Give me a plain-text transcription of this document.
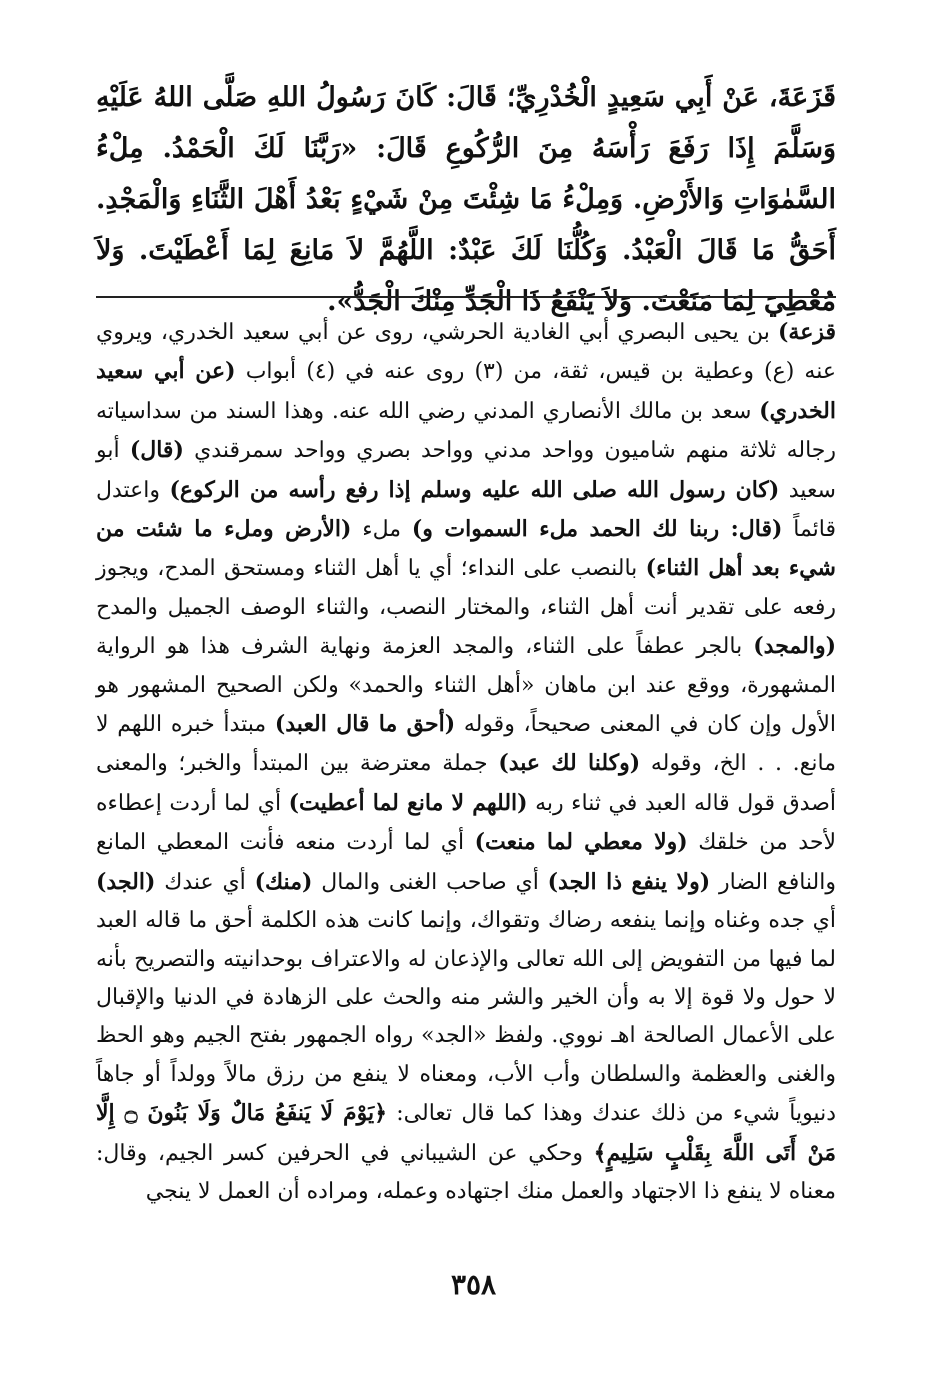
قَزَعَةَ، عَنْ أَبِي سَعِيدٍ الْخُدْرِيِّ؛ قَالَ: كَانَ رَسُولُ اللهِ صَلَّى اللهُ عَلَيْهِ وَسَلَّمَ إِذَا رَفَعَ رَأْسَهُ مِنَ الرُّكُوعِ قَالَ: «رَبَّنَا لَكَ الْحَمْدُ. مِلْءُ السَّمٰوَاتِ وَالأَرْضِ. وَمِلْءُ مَا شِئْتَ مِنْ شَيْءٍ بَعْدُ أَهْلَ الثَّنَاءِ وَالْمَجْدِ. أَحَقُّ مَا قَالَ الْعَبْدُ. وَكُلُّنَا لَكَ عَبْدٌ: اللَّهُمَّ لاَ مَانِعَ لِمَا أَعْطَيْتَ. وَلاَ مُعْطِيَ لِمَا مَنَعْتَ. وَلاَ يَنْفَعُ ذَا الْجَدِّ مِنْكَ الْجَدُّ».

قزعة) بن يحيى البصري أبي الغادية الحرشي، روى عن أبي سعيد الخدري، ويروي عنه (ع) وعطية بن قيس، ثقة، من (٣) روى عنه في (٤) أبواب (عن أبي سعيد الخدري) سعد بن مالك الأنصاري المدني رضي الله عنه. وهذا السند من سداسياته رجاله ثلاثة منهم شاميون وواحد مدني وواحد بصري وواحد سمرقندي (قال) أبو سعيد (كان رسول الله صلى الله عليه وسلم إذا رفع رأسه من الركوع) واعتدل قائماً (قال: ربنا لك الحمد ملء السموات و) ملء (الأرض وملء ما شئت من شيء بعد أهل الثناء) بالنصب على النداء؛ أي يا أهل الثناء ومستحق المدح، ويجوز رفعه على تقدير أنت أهل الثناء، والمختار النصب، والثناء الوصف الجميل والمدح (والمجد) بالجر عطفاً على الثناء، والمجد العزمة ونهاية الشرف هذا هو الرواية المشهورة، ووقع عند ابن ماهان «أهل الثناء والحمد» ولكن الصحيح المشهور هو الأول وإن كان في المعنى صحيحاً، وقوله (أحق ما قال العبد) مبتدأ خبره اللهم لا مانع. . . الخ، وقوله (وكلنا لك عبد) جملة معترضة بين المبتدأ والخبر؛ والمعنى أصدق قول قاله العبد في ثناء ربه (اللهم لا مانع لما أعطيت) أي لما أردت إعطاءه لأحد من خلقك (ولا معطي لما منعت) أي لما أردت منعه فأنت المعطي المانع والنافع الضار (ولا ينفع ذا الجد) أي صاحب الغنى والمال (منك) أي عندك (الجد) أي جده وغناه وإنما ينفعه رضاك وتقواك، وإنما كانت هذه الكلمة أحق ما قاله العبد لما فيها من التفويض إلى الله تعالى والإذعان له والاعتراف بوحدانيته والتصريح بأنه لا حول ولا قوة إلا به وأن الخير والشر منه والحث على الزهادة في الدنيا والإقبال على الأعمال الصالحة اهـ نووي. ولفظ «الجد» رواه الجمهور بفتح الجيم وهو الحظ والغنى والعظمة والسلطان وأب الأب، ومعناه لا ينفع من رزق مالاً وولداً أو جاهاً دنيوياً شيء من ذلك عندك وهذا كما قال تعالى: ﴿يَوْمَ لَا يَنفَعُ مَالٌ وَلَا بَنُونَ ۝ إِلَّا مَنْ أَتَى اللَّهَ بِقَلْبٍ سَلِيمٍ﴾ وحكي عن الشيباني في الحرفين كسر الجيم، وقال: معناه لا ينفع ذا الاجتهاد والعمل منك اجتهاده وعمله، ومراده أن العمل لا ينجي
٣٥٨
